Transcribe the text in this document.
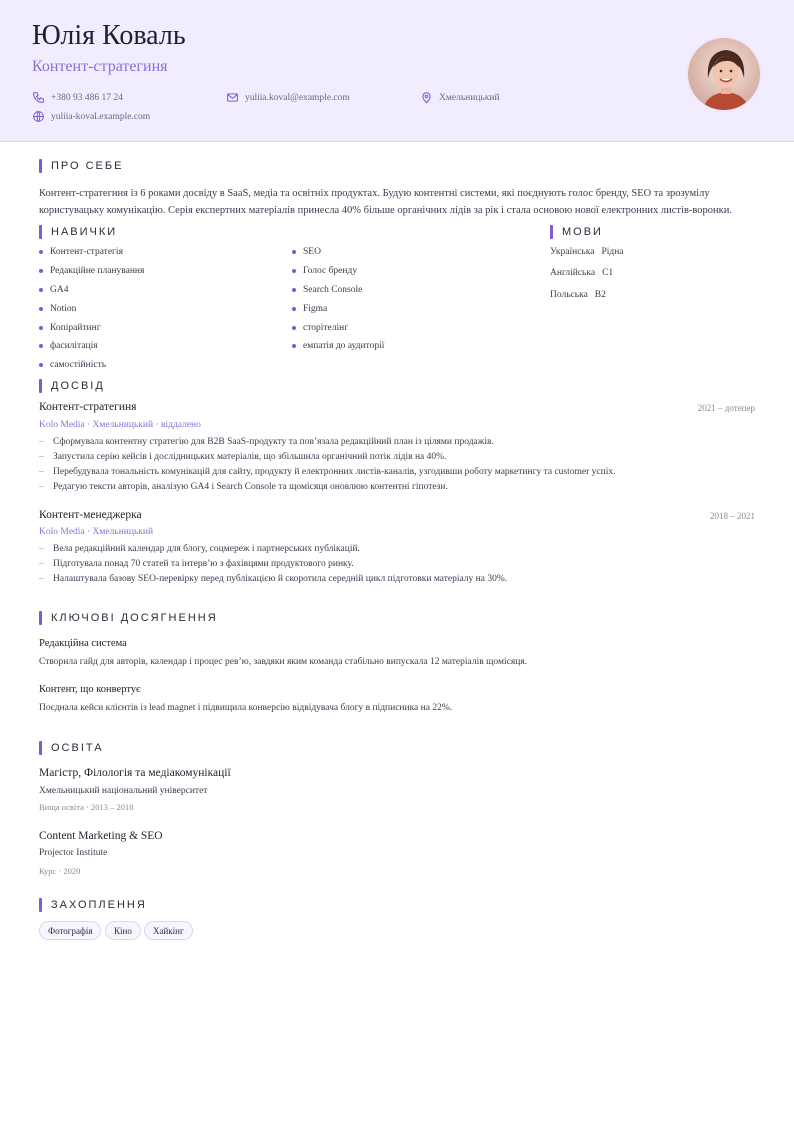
Юлія Коваль
Контент-стратегиня
+380 93 486 17 24	yuliia.koval@example.com	Хмельницький
yuliia-koval.example.com
ПРО СЕБЕ

Контент-стратегиня із 6 роками досвіду в SaaS, медіа та освітніх продуктах. Будую контентні системи, які поєднують голос бренду, SEO та зрозумілу користувацьку комунікацію. Серія експертних матеріалів принесла 40% більше органічних лідів за рік і стала основою нової електронних листів-воронки.

НАВИЧКИ
Контент-стратегія
Редакційне планування
GA4
Notion
Копірайтинг
фасилітація
самостійність
SEO
Голос бренду
Search Console
Figma
сторітелінг
емпатія до аудиторії
МОВИ
Українська Рідна
Англійська C1
Польська B2
ДОСВІД
Контент-стратегиня	2021 – дотепер
Kolo Media · Хмельницький · віддалено
– Сформувала контентну стратегію для B2B SaaS-продукту та пов’язала редакційний план із цілями продажів.
– Запустила серію кейсів і дослідницьких матеріалів, що збільшила органічний потік лідів на 40%.
– Перебудувала тональність комунікацій для сайту, продукту й електронних листів-каналів, узгодивши роботу маркетингу та customer успіх.
– Редагую тексти авторів, аналізую GA4 і Search Console та щомісяця оновлюю контентні гіпотези.
Контент-менеджерка	2018 – 2021
Kolo Media · Хмельницький
– Вела редакційний календар для блогу, соцмереж і партнерських публікацій.
– Підготувала понад 70 статей та інтерв’ю з фахівцями продуктового ринку.
– Налаштувала базову SEO-перевірку перед публікацією й скоротила середній цикл підготовки матеріалу на 30%.
КЛЮЧОВІ ДОСЯГНЕННЯ
Редакційна система
Створила гайд для авторів, календар і процес рев’ю, завдяки яким команда стабільно випускала 12 матеріалів щомісяця.
Контент, що конвертує
Поєднала кейси клієнтів із lead magnet і підвищила конверсію відвідувача блогу в підписника на 22%.
ОСВІТА
Магістр, Філологія та медіакомунікації
Хмельницький національний університет
Вища освіта · 2013 – 2018
Content Marketing & SEO
Projector Institute
Курс · 2020
ЗАХОПЛЕННЯ
Фотографія	Кіно	Хайкінг
